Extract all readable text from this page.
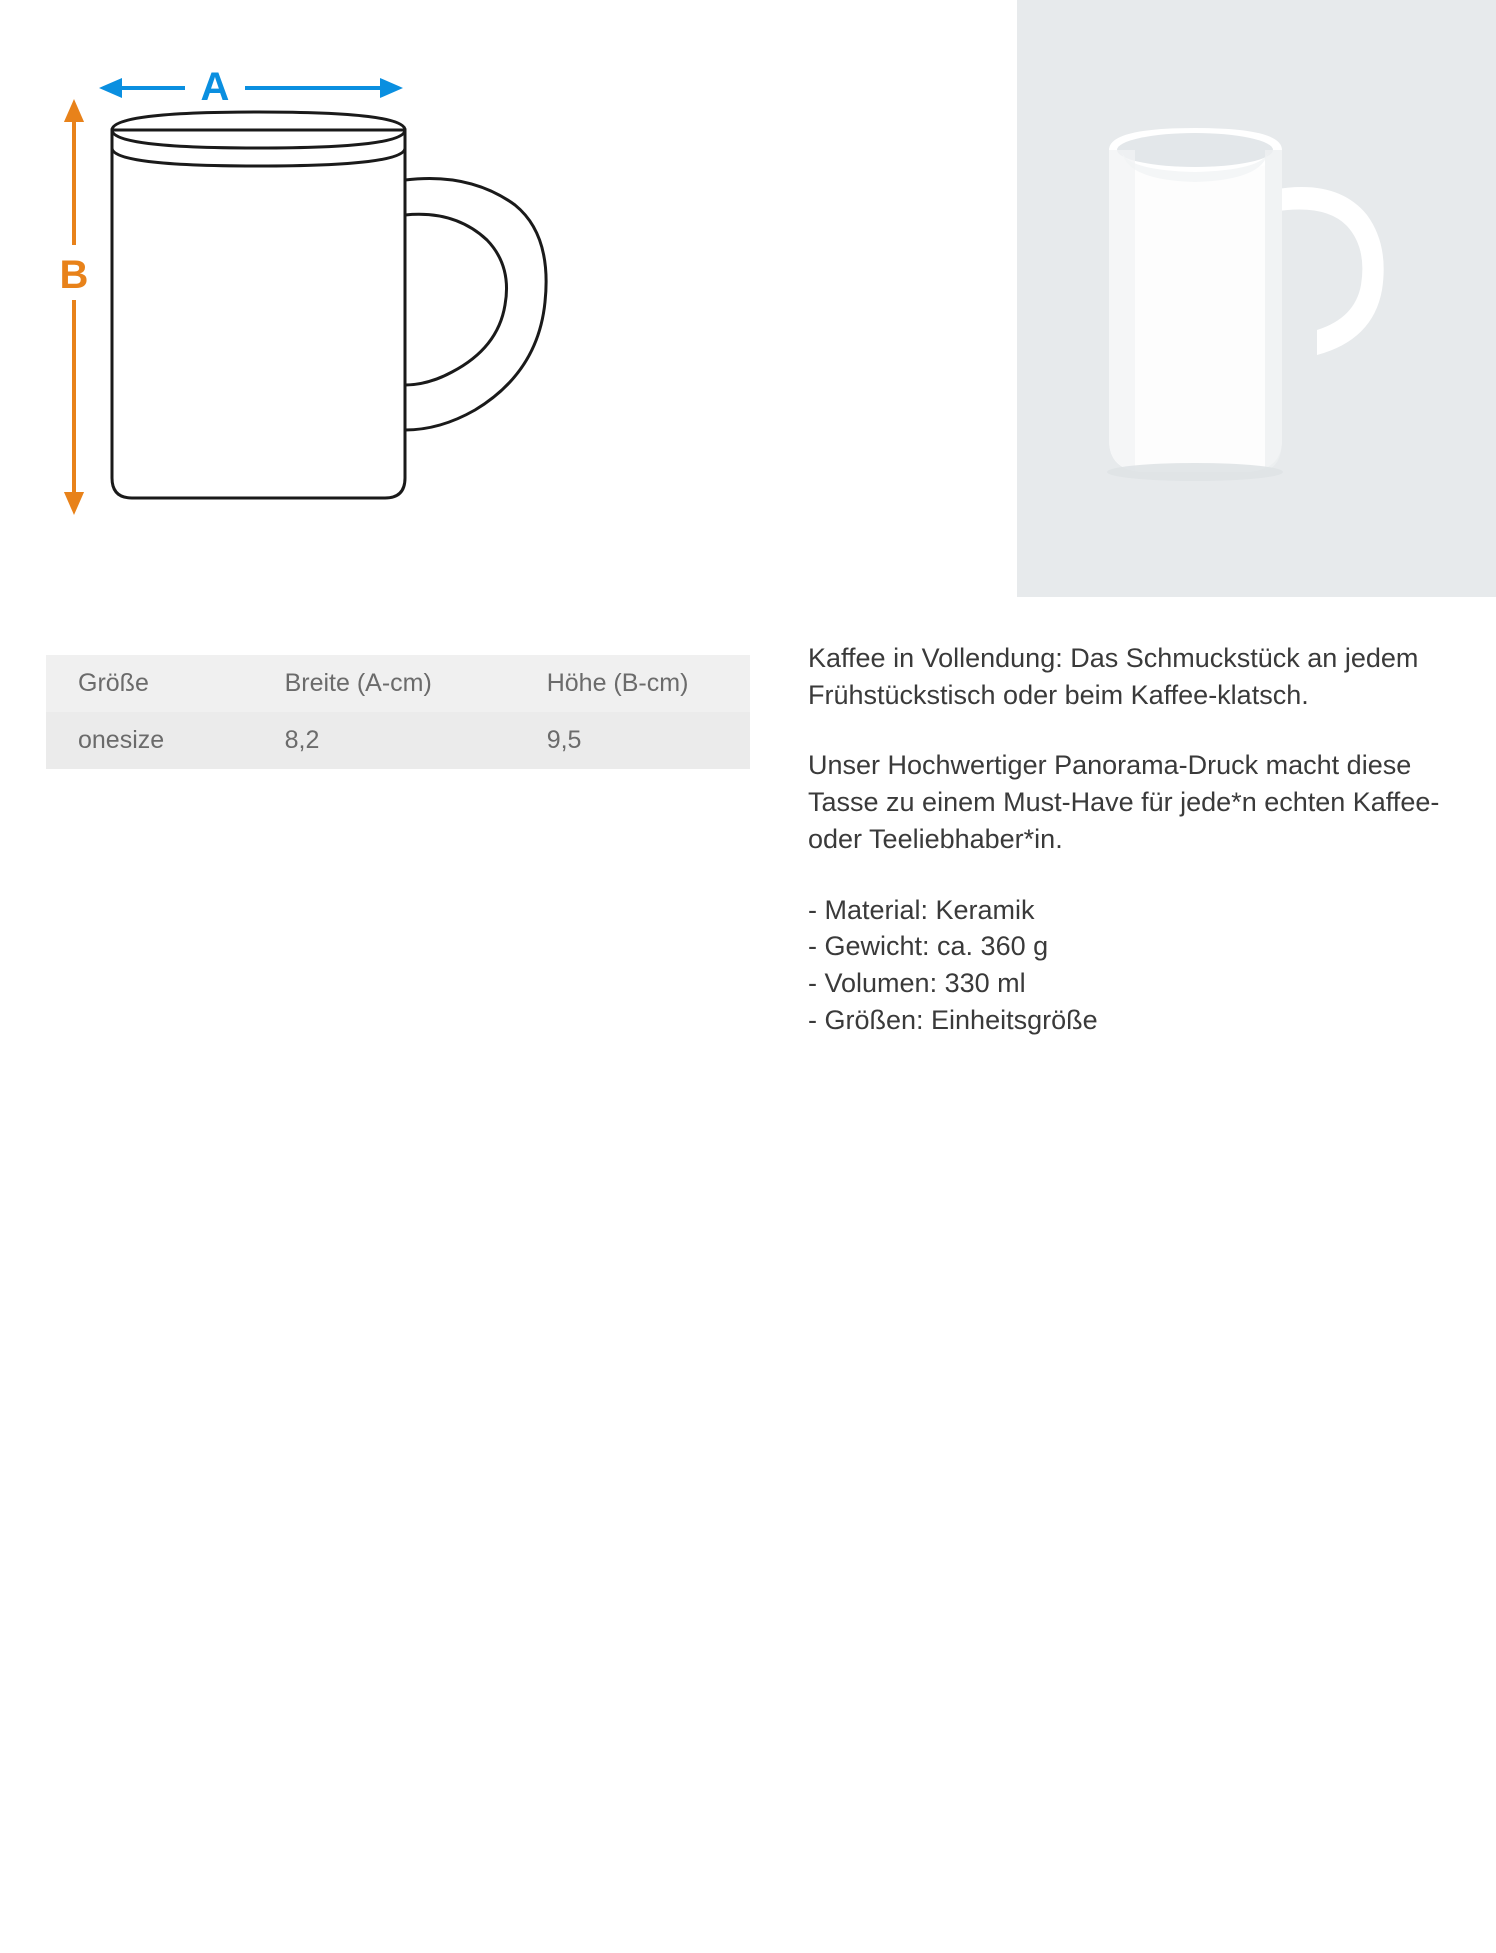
A
B
Größe	Breite (A-cm)	Höhe (B-cm)
onesize	8,2	9,5

Kaffee in Vollendung: Das Schmuckstück an jedem Frühstückstisch oder beim Kaffee-klatsch.

Unser Hochwertiger Panorama-Druck macht diese Tasse zu einem Must-Have für jede*n echten Kaffee- oder Teeliebhaber*in.

- Material: Keramik
- Gewicht: ca. 360 g
- Volumen: 330 ml
- Größen: Einheitsgröße
